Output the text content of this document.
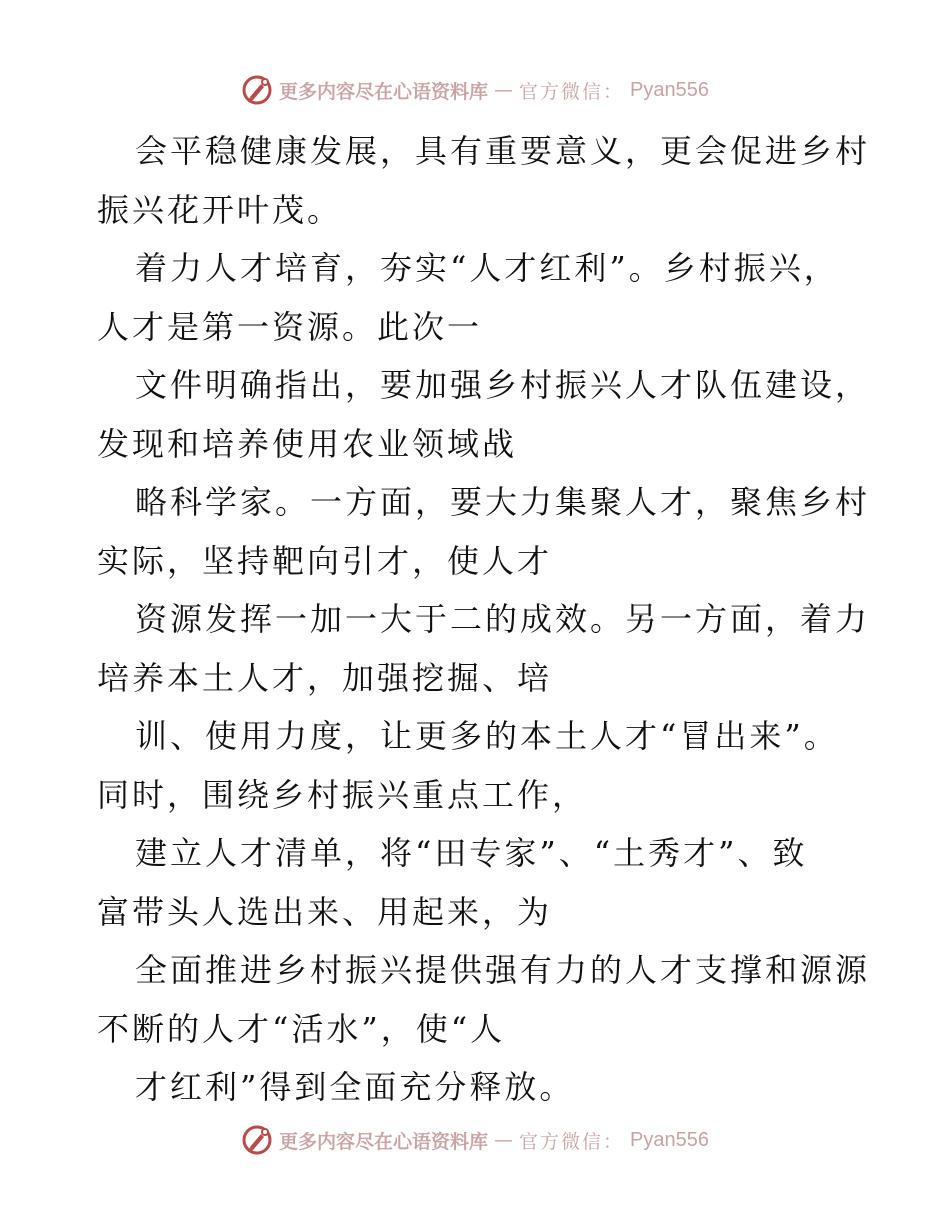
更多内容尽在心语资料库 — 官方微信： Pyan556
会平稳健康发展，具有重要意义，更会促进乡村
振兴花开叶茂。
着力人才培育，夯实“人才红利”。乡村振兴，
人才是第一资源。此次一
文件明确指出，要加强乡村振兴人才队伍建设，
发现和培养使用农业领域战
略科学家。一方面，要大力集聚人才，聚焦乡村
实际，坚持靶向引才，使人才
资源发挥一加一大于二的成效。另一方面，着力
培养本土人才，加强挖掘、培
训、使用力度，让更多的本土人才“冒出来”。
同时，围绕乡村振兴重点工作，
建立人才清单，将“田专家”、“土秀才”、致
富带头人选出来、用起来，为
全面推进乡村振兴提供强有力的人才支撑和源源
不断的人才“活水”，使“人
才红利”得到全面充分释放。
更多内容尽在心语资料库 — 官方微信： Pyan556
